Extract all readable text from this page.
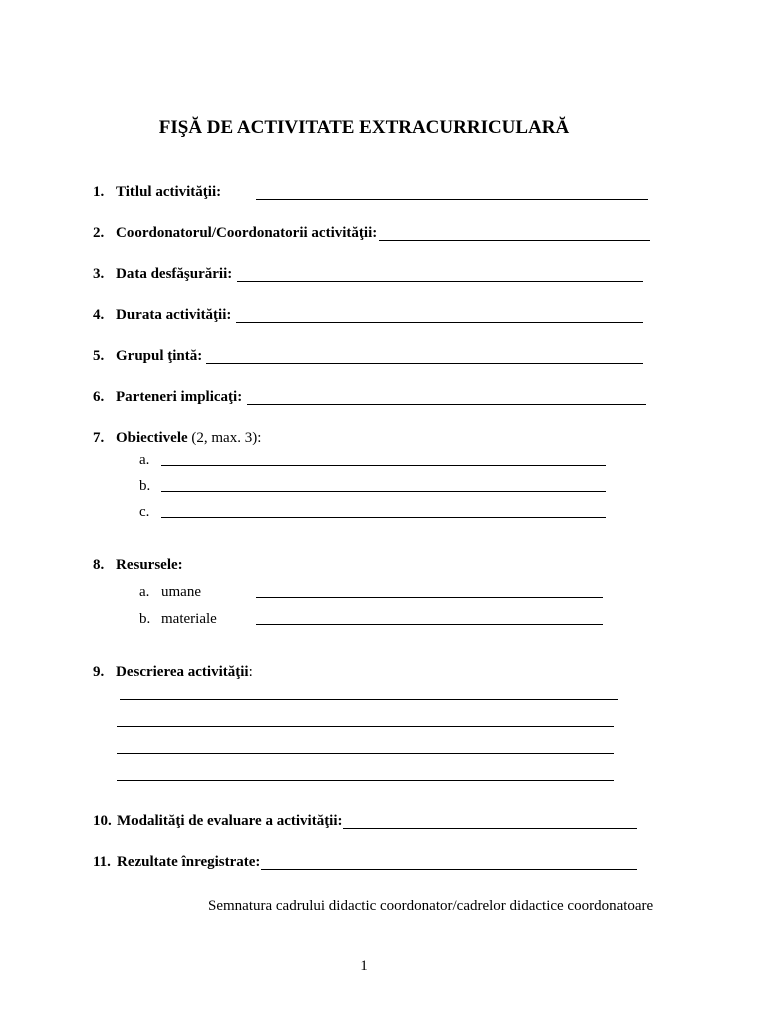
FIŞĂ DE ACTIVITATE EXTRACURRICULARĂ
1. Titlul activităţii:
2. Coordonatorul/Coordonatorii activităţii:
3. Data desfăşurării:
4. Durata activităţii:
5. Grupul ţintă:
6. Parteneri implicaţi:
7. Obiectivele (2, max. 3):
a.
b.
c.
8. Resursele:
a. umane
b. materiale
9. Descrierea activităţii:
10. Modalităţi de evaluare a activităţii:
11. Rezultate înregistrate:
Semnatura cadrului didactic coordonator/cadrelor didactice coordonatoare
1
